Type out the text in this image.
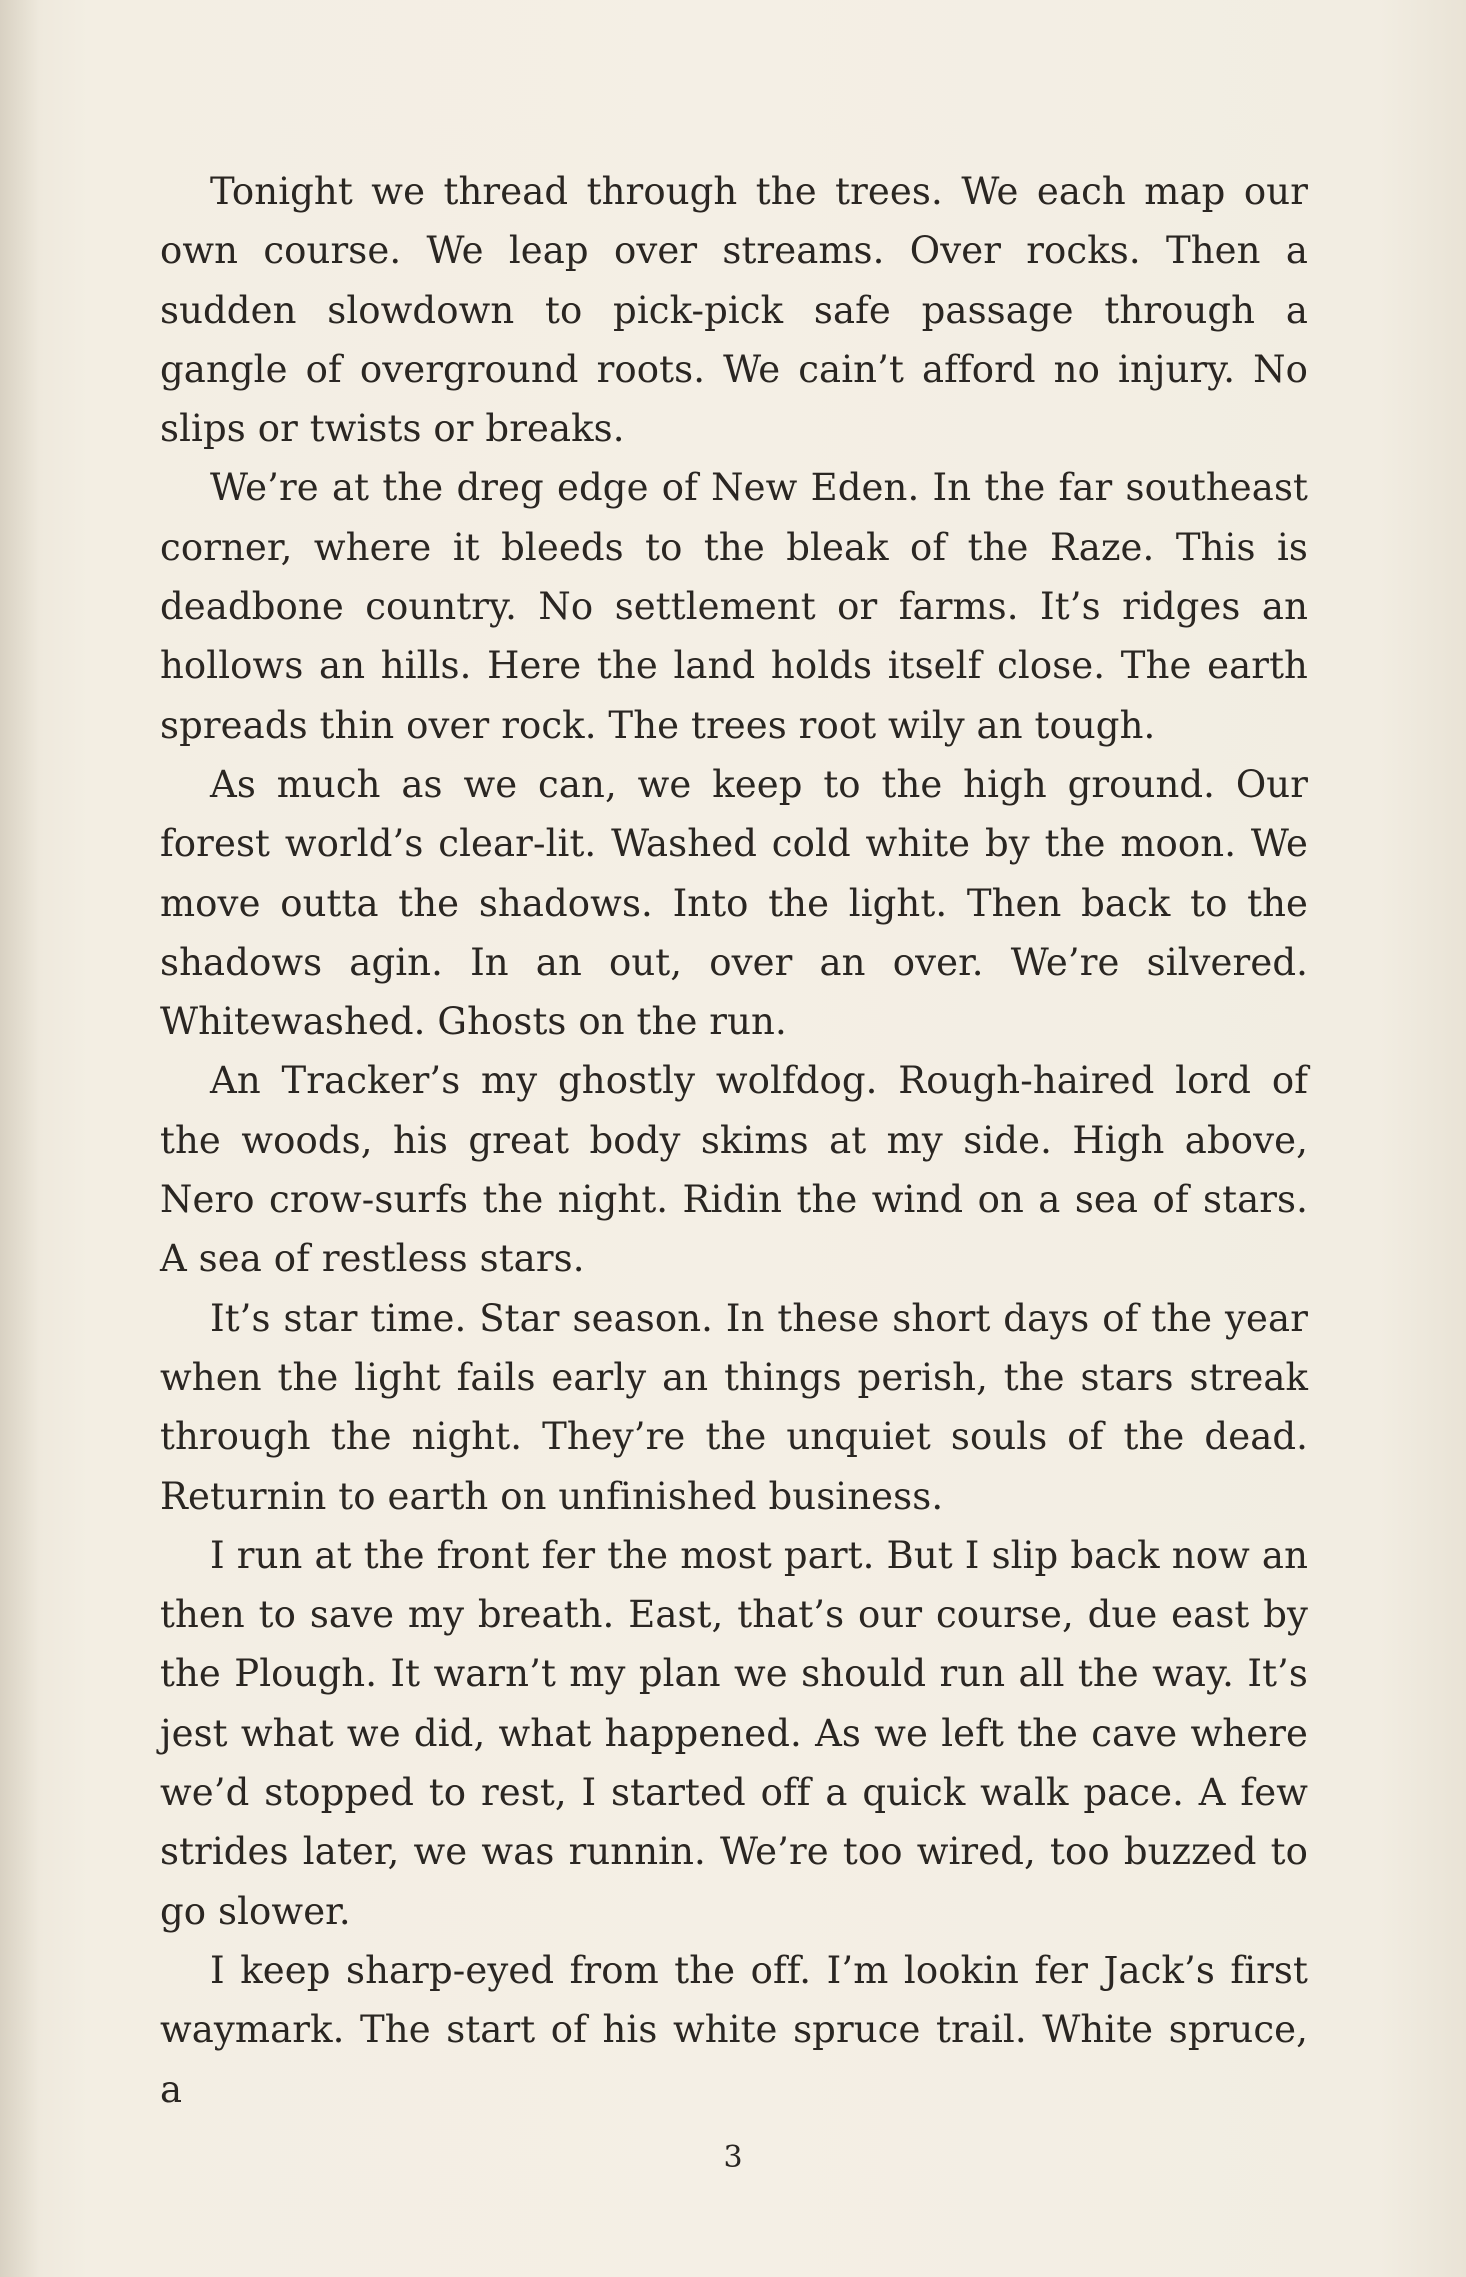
Tonight we thread through the trees. We each map our own course. We leap over streams. Over rocks. Then a sudden slowdown to pick-pick safe passage through a gangle of overground roots. We cain’t afford no injury. No slips or twists or breaks.

We’re at the dreg edge of New Eden. In the far southeast corner, where it bleeds to the bleak of the Raze. This is deadbone country. No settlement or farms. It’s ridges an hollows an hills. Here the land holds itself close. The earth spreads thin over rock. The trees root wily an tough.

As much as we can, we keep to the high ground. Our forest world’s clear-lit. Washed cold white by the moon. We move outta the shadows. Into the light. Then back to the shadows agin. In an out, over an over. We’re silvered. Whitewashed. Ghosts on the run.

An Tracker’s my ghostly wolfdog. Rough-haired lord of the woods, his great body skims at my side. High above, Nero crow-surfs the night. Ridin the wind on a sea of stars. A sea of restless stars.

It’s star time. Star season. In these short days of the year when the light fails early an things perish, the stars streak through the night. They’re the unquiet souls of the dead. Returnin to earth on unfinished business.

I run at the front fer the most part. But I slip back now an then to save my breath. East, that’s our course, due east by the Plough. It warn’t my plan we should run all the way. It’s jest what we did, what happened. As we left the cave where we’d stopped to rest, I started off a quick walk pace. A few strides later, we was runnin. We’re too wired, too buzzed to go slower.

I keep sharp-eyed from the off. I’m lookin fer Jack’s first waymark. The start of his white spruce trail. White spruce, a

3
